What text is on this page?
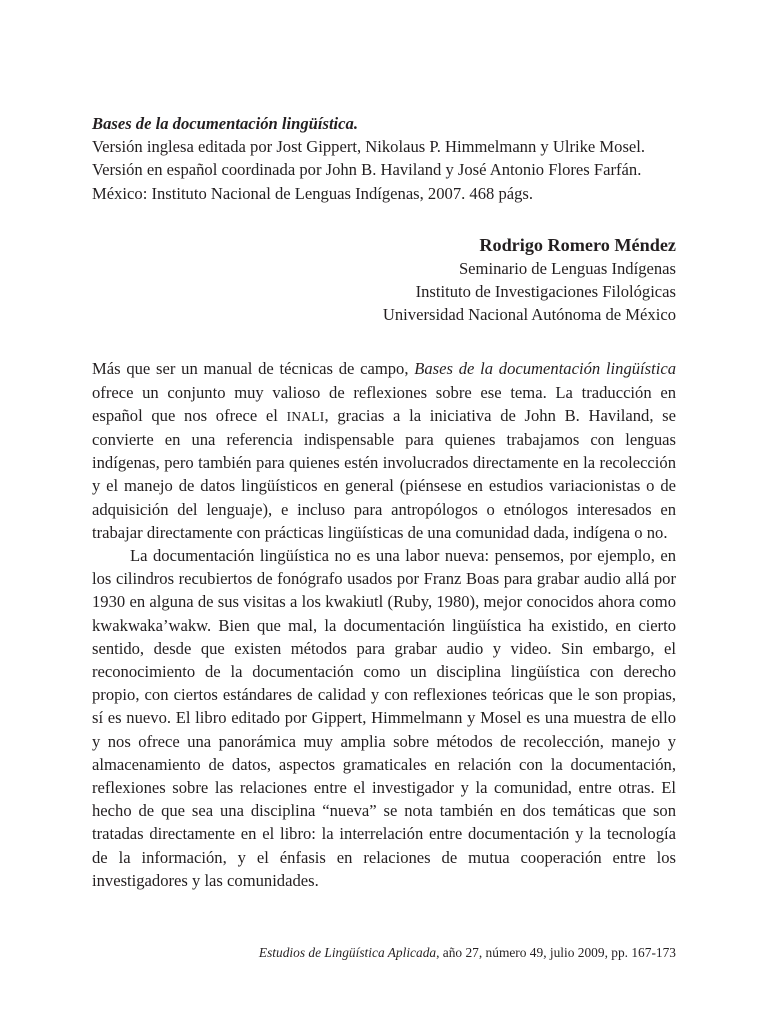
Bases de la documentación lingüística.
Versión inglesa editada por Jost Gippert, Nikolaus P. Himmelmann y Ulrike Mosel. Versión en español coordinada por John B. Haviland y José Antonio Flores Farfán. México: Instituto Nacional de Lenguas Indígenas, 2007. 468 págs.

Rodrigo Romero Méndez
Seminario de Lenguas Indígenas
Instituto de Investigaciones Filológicas
Universidad Nacional Autónoma de México

Más que ser un manual de técnicas de campo, Bases de la documentación lingüística ofrece un conjunto muy valioso de reflexiones sobre ese tema. La traducción en español que nos ofrece el INALI, gracias a la iniciativa de John B. Haviland, se convierte en una referencia indispensable para quienes trabajamos con lenguas indígenas, pero también para quienes estén involucrados directamente en la recolección y el manejo de datos lingüísticos en general (piénsese en estudios variacionistas o de adquisición del lenguaje), e incluso para antropólogos o etnólogos interesados en trabajar directamente con prácticas lingüísticas de una comunidad dada, indígena o no.

La documentación lingüística no es una labor nueva: pensemos, por ejemplo, en los cilindros recubiertos de fonógrafo usados por Franz Boas para grabar audio allá por 1930 en alguna de sus visitas a los kwakiutl (Ruby, 1980), mejor conocidos ahora como kwakwaka’wakw. Bien que mal, la documentación lingüística ha existido, en cierto sentido, desde que existen métodos para grabar audio y video. Sin embargo, el reconocimiento de la documentación como un disciplina lingüística con derecho propio, con ciertos estándares de calidad y con reflexiones teóricas que le son propias, sí es nuevo. El libro editado por Gippert, Himmelmann y Mosel es una muestra de ello y nos ofrece una panorámica muy amplia sobre métodos de recolección, manejo y almacenamiento de datos, aspectos gramaticales en relación con la documentación, reflexiones sobre las relaciones entre el investigador y la comunidad, entre otras. El hecho de que sea una disciplina “nueva” se nota también en dos temáticas que son tratadas directamente en el libro: la interrelación entre documentación y la tecnología de la información, y el énfasis en relaciones de mutua cooperación entre los investigadores y las comunidades.

Estudios de Lingüística Aplicada, año 27, número 49, julio 2009, pp. 167-173
